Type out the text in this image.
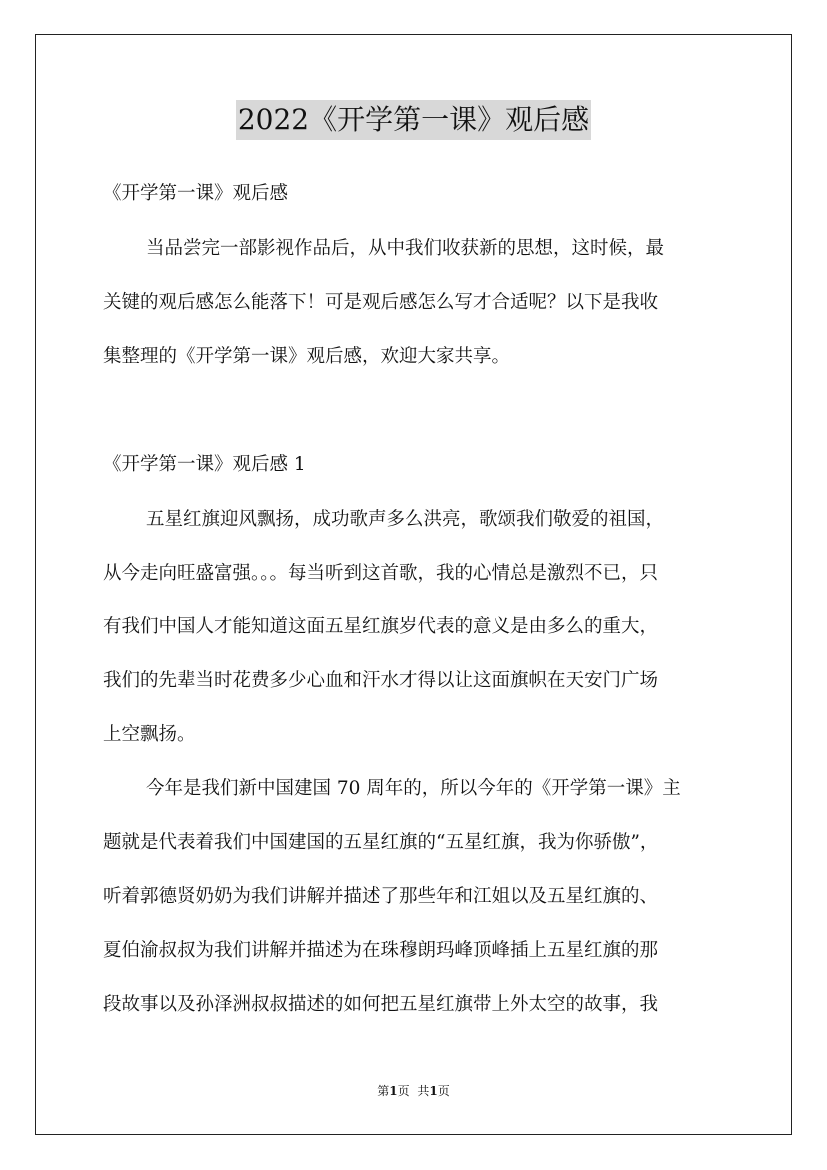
2022《开学第一课》观后感
《开学第一课》观后感
当品尝完一部影视作品后，从中我们收获新的思想，这时候，最
关键的观后感怎么能落下！可是观后感怎么写才合适呢？以下是我收
集整理的《开学第一课》观后感，欢迎大家共享。
《开学第一课》观后感 1
五星红旗迎风飘扬，成功歌声多么洪亮，歌颂我们敬爱的祖国，
从今走向旺盛富强。。。每当听到这首歌，我的心情总是激烈不已，只
有我们中国人才能知道这面五星红旗岁代表的意义是由多么的重大，
我们的先辈当时花费多少心血和汗水才得以让这面旗帜在天安门广场
上空飘扬。
今年是我们新中国建国 70 周年的，所以今年的《开学第一课》主
题就是代表着我们中国建国的五星红旗的“五星红旗，我为你骄傲”，
听着郭德贤奶奶为我们讲解并描述了那些年和江姐以及五星红旗的、
夏伯渝叔叔为我们讲解并描述为在珠穆朗玛峰顶峰插上五星红旗的那
段故事以及孙泽洲叔叔描述的如何把五星红旗带上外太空的故事，我
第1页 共1页
